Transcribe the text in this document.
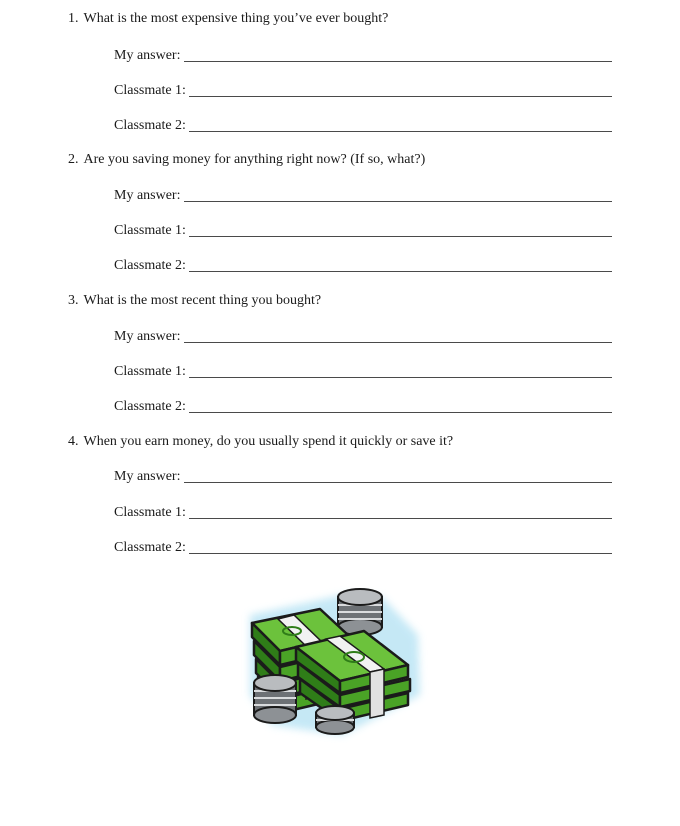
1. What is the most expensive thing you’ve ever bought?
My answer:
Classmate 1:
Classmate 2:
2. Are you saving money for anything right now? (If so, what?)
My answer:
Classmate 1:
Classmate 2:
3. What is the most recent thing you bought?
My answer:
Classmate 1:
Classmate 2:
4. When you earn money, do you usually spend it quickly or save it?
My answer:
Classmate 1:
Classmate 2:
